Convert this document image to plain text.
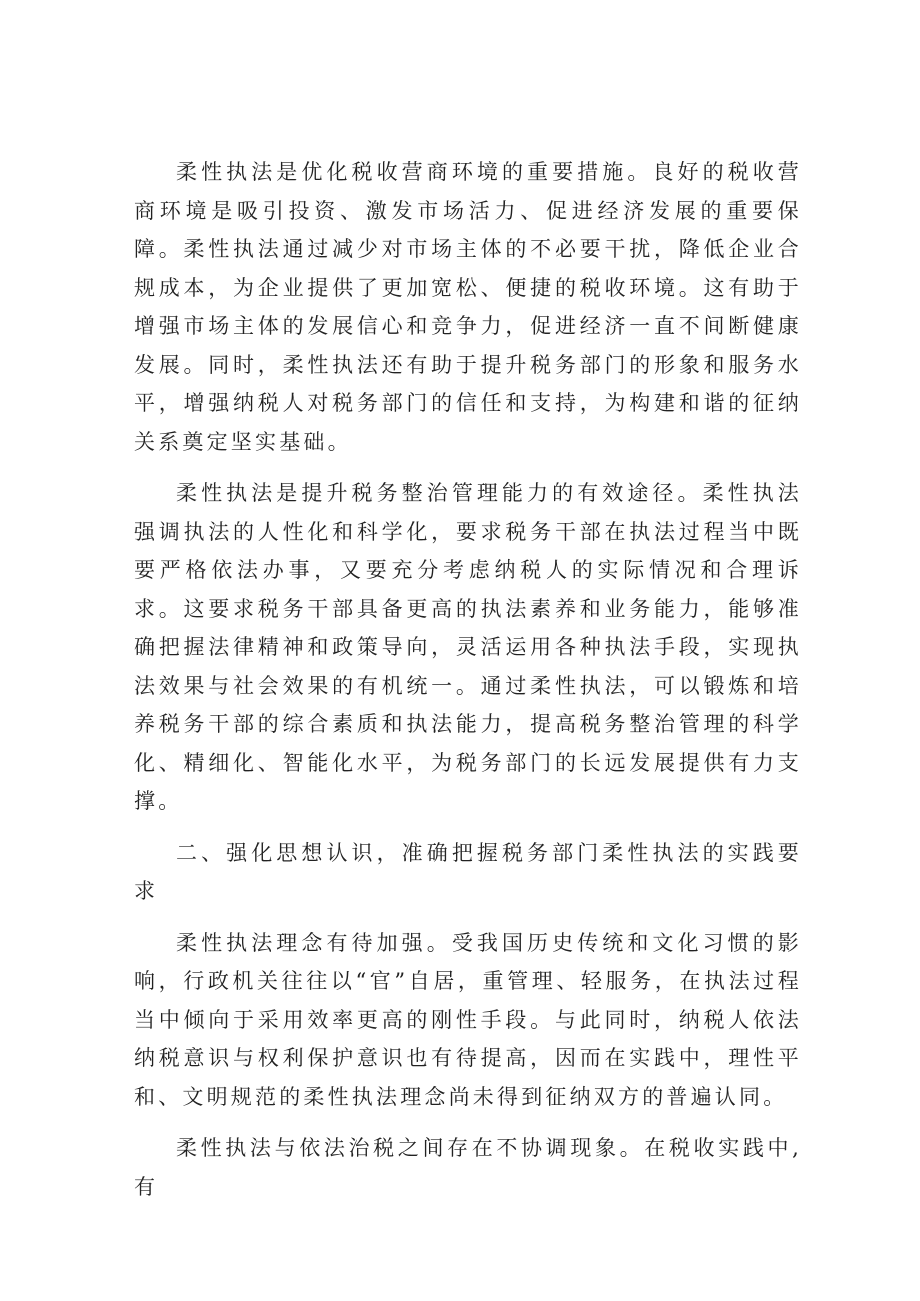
柔性执法是优化税收营商环境的重要措施。良好的税收营商环境是吸引投资、激发市场活力、促进经济发展的重要保障。柔性执法通过减少对市场主体的不必要干扰，降低企业合规成本，为企业提供了更加宽松、便捷的税收环境。这有助于增强市场主体的发展信心和竞争力，促进经济一直不间断健康发展。同时，柔性执法还有助于提升税务部门的形象和服务水平，增强纳税人对税务部门的信任和支持，为构建和谐的征纳关系奠定坚实基础。

柔性执法是提升税务整治管理能力的有效途径。柔性执法强调执法的人性化和科学化，要求税务干部在执法过程当中既要严格依法办事，又要充分考虑纳税人的实际情况和合理诉求。这要求税务干部具备更高的执法素养和业务能力，能够准确把握法律精神和政策导向，灵活运用各种执法手段，实现执法效果与社会效果的有机统一。通过柔性执法，可以锻炼和培养税务干部的综合素质和执法能力，提高税务整治管理的科学化、精细化、智能化水平，为税务部门的长远发展提供有力支撑。

二、强化思想认识，准确把握税务部门柔性执法的实践要求

柔性执法理念有待加强。受我国历史传统和文化习惯的影响，行政机关往往以“官”自居，重管理、轻服务，在执法过程当中倾向于采用效率更高的刚性手段。与此同时，纳税人依法纳税意识与权利保护意识也有待提高，因而在实践中，理性平和、文明规范的柔性执法理念尚未得到征纳双方的普遍认同。

柔性执法与依法治税之间存在不协调现象。在税收实践中,有
